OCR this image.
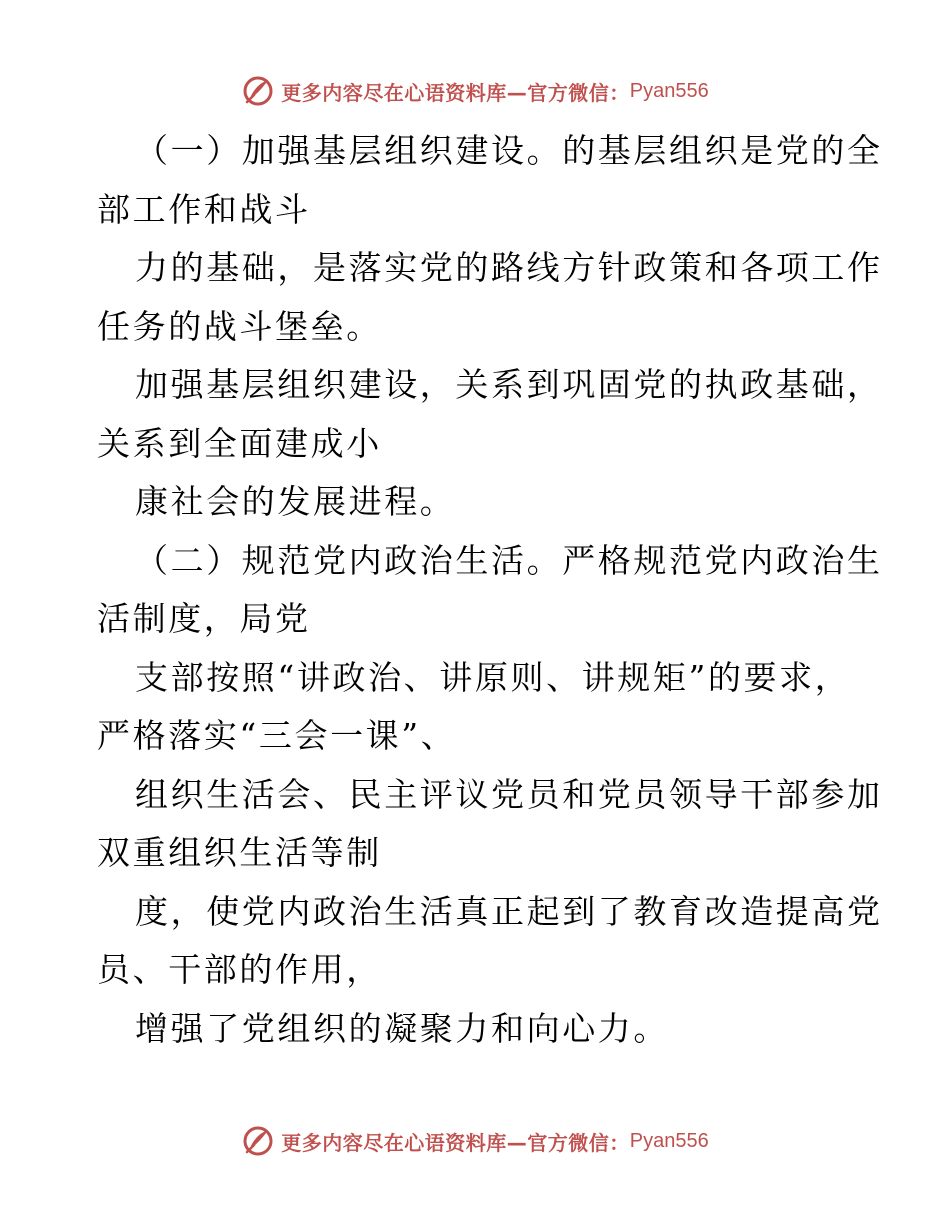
更多内容尽在心语资料库—官方微信： Pyan556
（一）加强基层组织建设。的基层组织是党的全
部工作和战斗
力的基础，是落实党的路线方针政策和各项工作
任务的战斗堡垒。
加强基层组织建设，关系到巩固党的执政基础，
关系到全面建成小
康社会的发展进程。
（二）规范党内政治生活。严格规范党内政治生
活制度，局党
支部按照“讲政治、讲原则、讲规矩”的要求，
严格落实“三会一课”、
组织生活会、民主评议党员和党员领导干部参加
双重组织生活等制
度，使党内政治生活真正起到了教育改造提高党
员、干部的作用，
增强了党组织的凝聚力和向心力。
更多内容尽在心语资料库—官方微信： Pyan556
